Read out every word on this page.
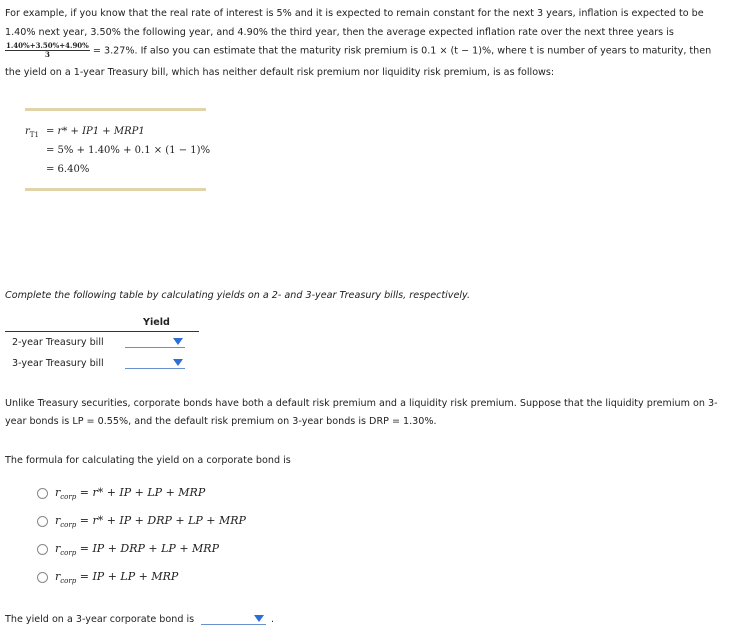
For example, if you know that the real rate of interest is 5% and it is expected to remain constant for the next 3 years, inflation is expected to be
1.40% next year, 3.50% the following year, and 4.90% the third year, then the average expected inflation rate over the next three years is
$\frac{1.40\%+3.50\%+4.90\%}{3} = 3.27\%$. If also you can estimate that the maturity risk premium is 0.1 × (t − 1)%, where t is number of years to maturity, then
the yield on a 1-year Treasury bill, which has neither default risk premium nor liquidity risk premium, is as follows:
$r_{T1} = r* + IP1 + MRP1$
= 5% + 1.40% + 0.1 × (1 − 1)%
= 6.40%
Complete the following table by calculating yields on a 2- and 3-year Treasury bills, respectively.
Yield
2-year Treasury bill
3-year Treasury bill
Unlike Treasury securities, corporate bonds have both a default risk premium and a liquidity risk premium. Suppose that the liquidity premium on 3-
year bonds is LP = 0.55%, and the default risk premium on 3-year bonds is DRP = 1.30%.
The formula for calculating the yield on a corporate bond is
$r_{corp} = r*$ + IP + LP + MRP
$r_{corp} = r*$ + IP + DRP + LP + MRP
$r_{corp}$ = IP + DRP + LP + MRP
$r_{corp}$ = IP + LP + MRP
The yield on a 3-year corporate bond is	.
